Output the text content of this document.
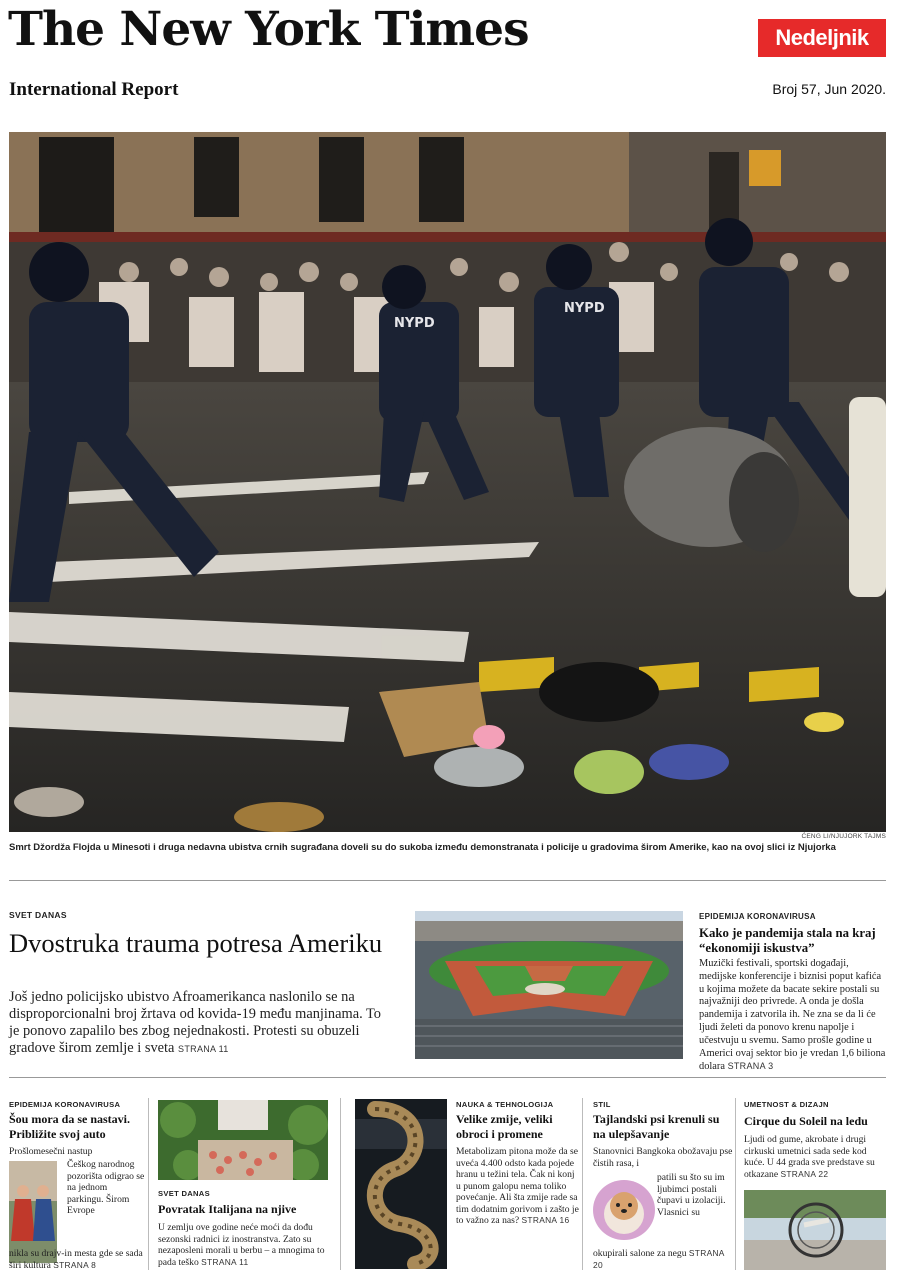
The New York Times	Nedeljnik
International Report	Broj 57, Jun 2020.
NYPD
NYPD
ĆENG LI/NJUJORK TAJMS
Smrt Džordža Flojda u Minesoti i druga nedavna ubistva crnih sugrađana doveli su do sukoba između demonstranata i policije u gradovima širom Amerike, kao na ovoj slici iz Njujorka
SVET DANAS
Dvostruka trauma potresa Ameriku
Još jedno policijsko ubistvo Afroamerikanca naslonilo se na disproporcionalni broj žrtava od kovida-19 među manjinama. To je ponovo zapalilo bes zbog nejednakosti. Protesti su obuzeli gradove širom zemlje i sveta STRANA 11
EPIDEMIJA KORONAVIRUSA
Kako je pandemija stala na kraj “ekonomiji iskustva”
Muzički festivali, sportski događaji, medijske konferencije i biznisi poput kafića u kojima možete da bacate sekire postali su najvažniji deo privrede. A onda je došla pandemija i zatvorila ih. Ne zna se da li će ljudi želeti da ponovo krenu napolje i učestvuju u svemu. Samo prošle godine u Americi ovaj sektor bio je vredan 1,6 biliona dolara STRANA 3
EPIDEMIJA KORONAVIRUSA
Šou mora da se nastavi. Približite svoj auto
Prošlomesečni nastup
Češkog narodnog pozorišta odigrao se na jednom parkingu. Širom Evrope
nikla su drajv-in mesta gde se sada širi kultura STRANA 8
SVET DANAS
Povratak Italijana na njive
U zemlju ove godine neće moći da dođu sezonski radnici iz inostranstva. Zato su nezaposleni morali u berbu – a mnogima to pada teško STRANA 11
NAUKA & TEHNOLOGIJA
Velike zmije, veliki obroci i promene
Metabolizam pitona može da se uveća 4.400 odsto kada pojede hranu u težini tela. Čak ni konj u punom galopu nema toliko povećanje. Ali šta zmije rade sa tim dodatnim gorivom i zašto je to važno za nas? STRANA 16
STIL
Tajlandski psi krenuli su na ulepšavanje
Stanovnici Bangkoka obožavaju pse čistih rasa, i
patili su što su im ljubimci postali čupavi u izolaciji. Vlasnici su
okupirali salone za negu STRANA 20
UMETNOST & DIZAJN
Cirque du Soleil na ledu
Ljudi od gume, akrobate i drugi cirkuski umetnici sada sede kod kuće. U 44 grada sve predstave su otkazane STRANA 22
